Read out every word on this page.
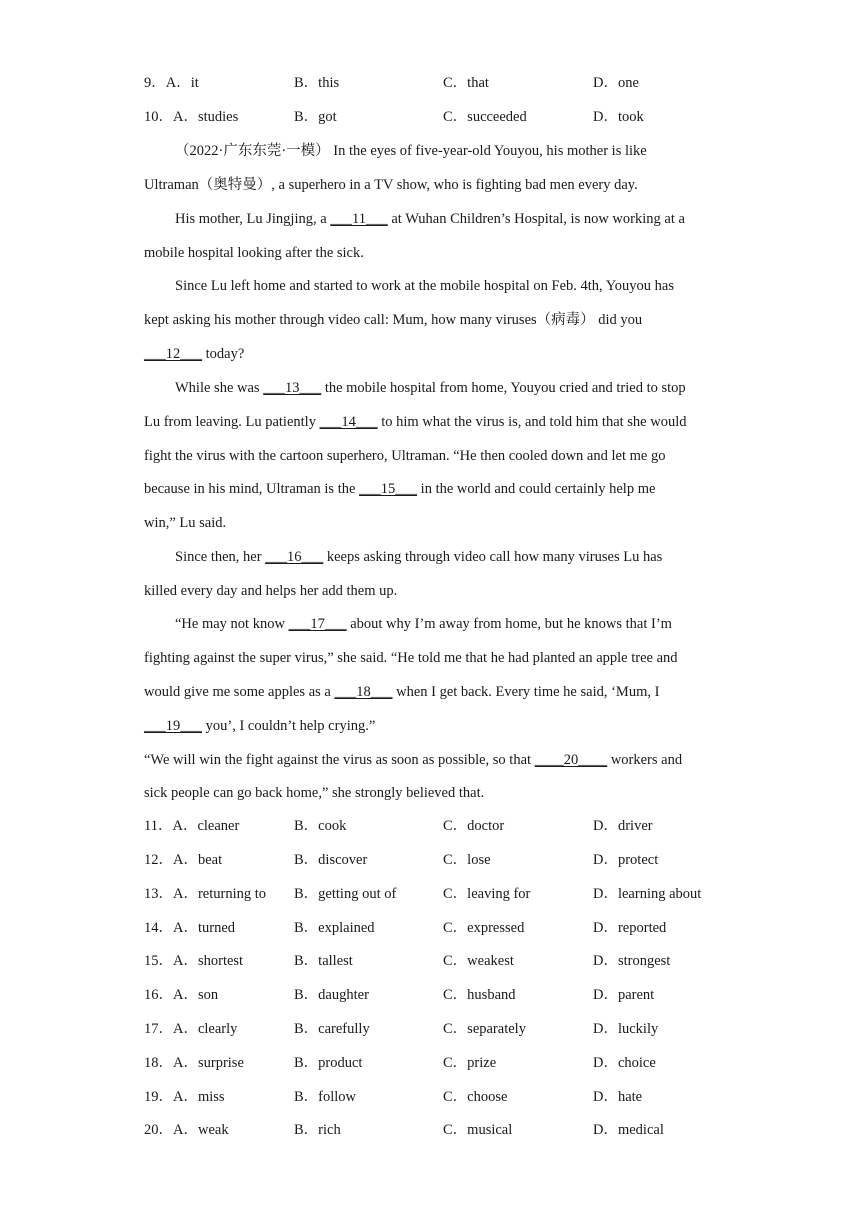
9．A．it	B．this	C．that	D．one
10．A．studies	B．got	C．succeeded	D．took
（2022·广东东莞·一模） In the eyes of five-year-old Youyou, his mother is like
Ultraman（奥特曼）, a superhero in a TV show, who is fighting bad men every day.
His mother, Lu Jingjing, a ___11___ at Wuhan Children’s Hospital, is now working at a
mobile hospital looking after the sick.
Since Lu left home and started to work at the mobile hospital on Feb. 4th, Youyou has
kept asking his mother through video call: Mum, how many viruses（病毒） did you
___12___ today?
While she was ___13___ the mobile hospital from home, Youyou cried and tried to stop
Lu from leaving. Lu patiently ___14___ to him what the virus is, and told him that she would
fight the virus with the cartoon superhero, Ultraman. “He then cooled down and let me go
because in his mind, Ultraman is the ___15___ in the world and could certainly help me
win,” Lu said.
Since then, her ___16___ keeps asking through video call how many viruses Lu has
killed every day and helps her add them up.
“He may not know ___17___ about why I’m away from home, but he knows that I’m
fighting against the super virus,” she said. “He told me that he had planted an apple tree and
would give me some apples as a ___18___ when I get back. Every time he said, ‘Mum, I
___19___ you’, I couldn’t help crying.”
“We will win the fight against the virus as soon as possible, so that ____20____ workers and
sick people can go back home,” she strongly believed that.
11．A．cleaner	B．cook	C．doctor	D．driver
12．A．beat	B．discover	C．lose	D．protect
13．A．returning to B．getting out of	C．leaving for	D．learning about
14．A．turned	B．explained	C．expressed	D．reported
15．A．shortest	B．tallest	C．weakest	D．strongest
16．A．son	B．daughter	C．husband	D．parent
17．A．clearly	B．carefully	C．separately	D．luckily
18．A．surprise	B．product	C．prize	D．choice
19．A．miss	B．follow	C．choose	D．hate
20．A．weak	B．rich	C．musical	D．medical
